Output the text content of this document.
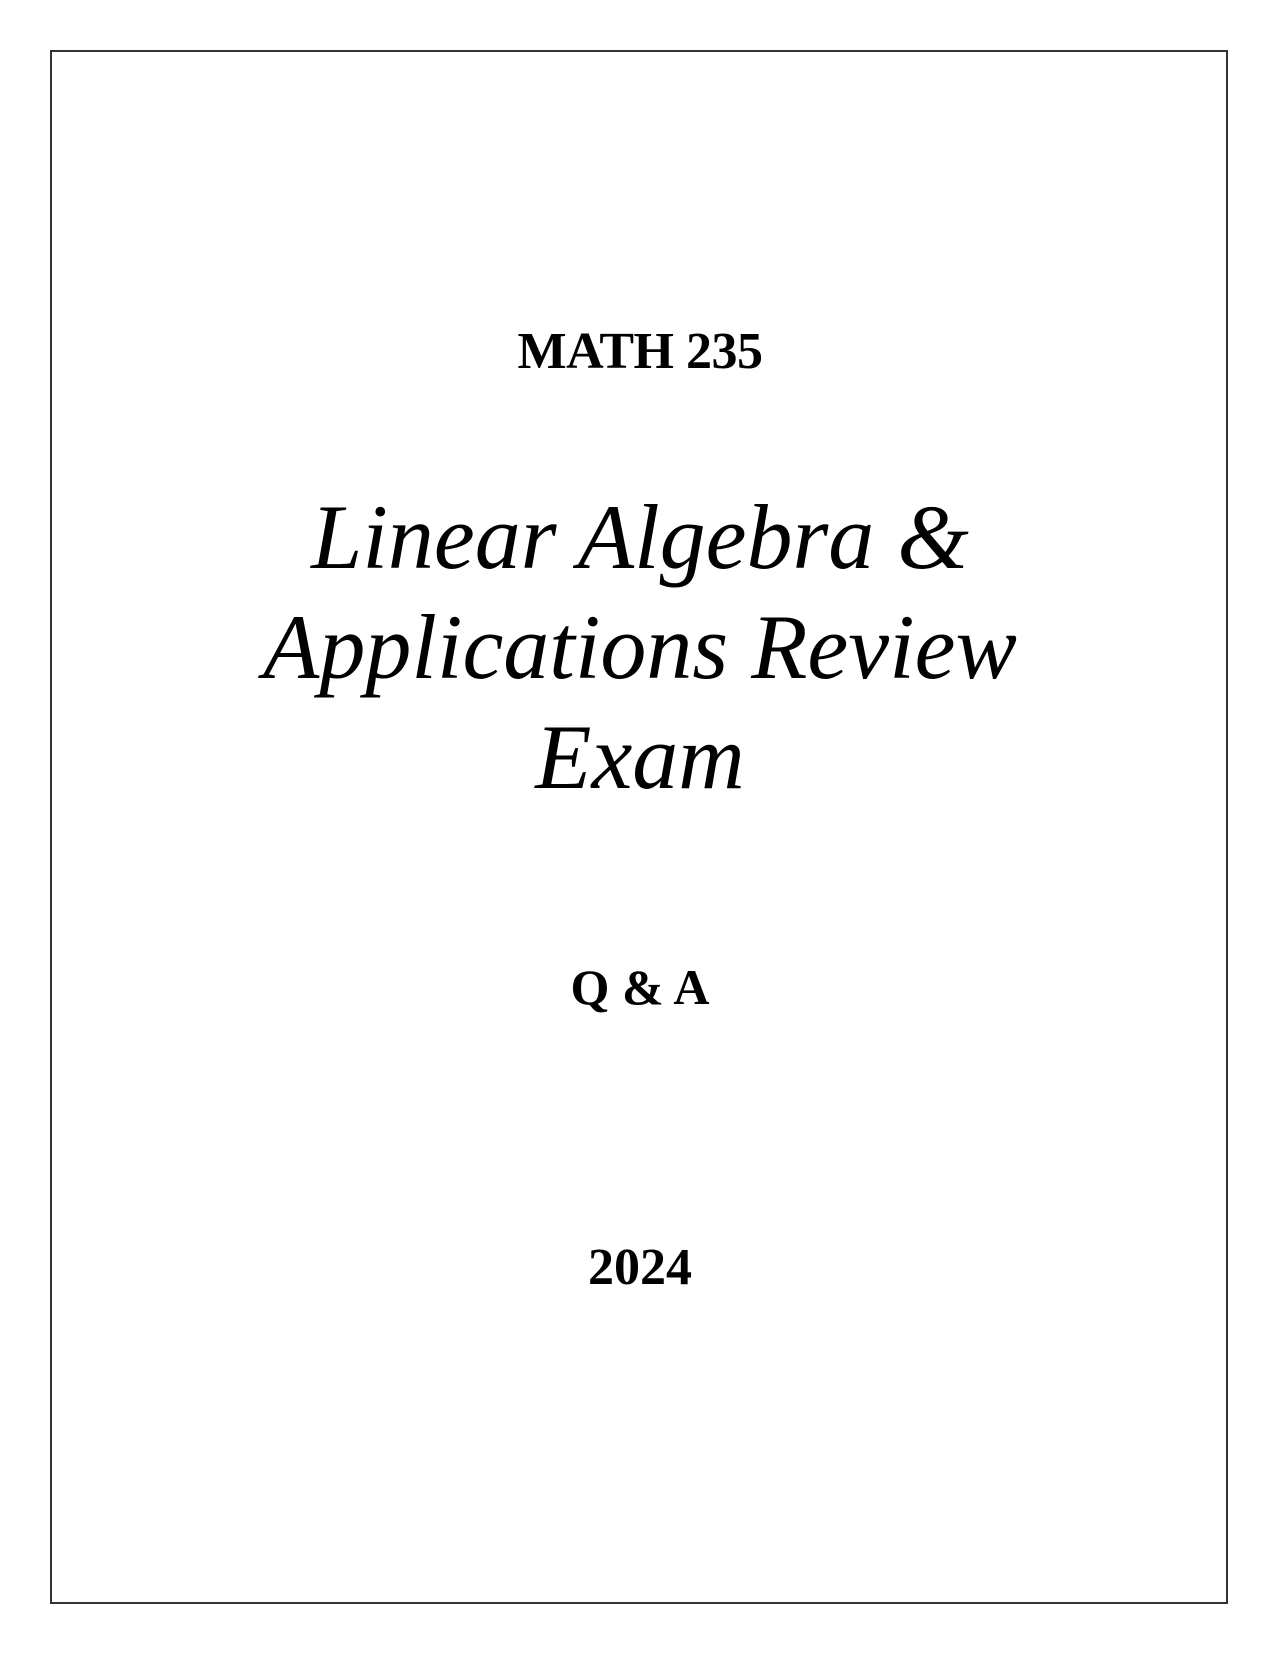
MATH 235
Linear Algebra &
Applications Review
Exam
Q & A
2024
